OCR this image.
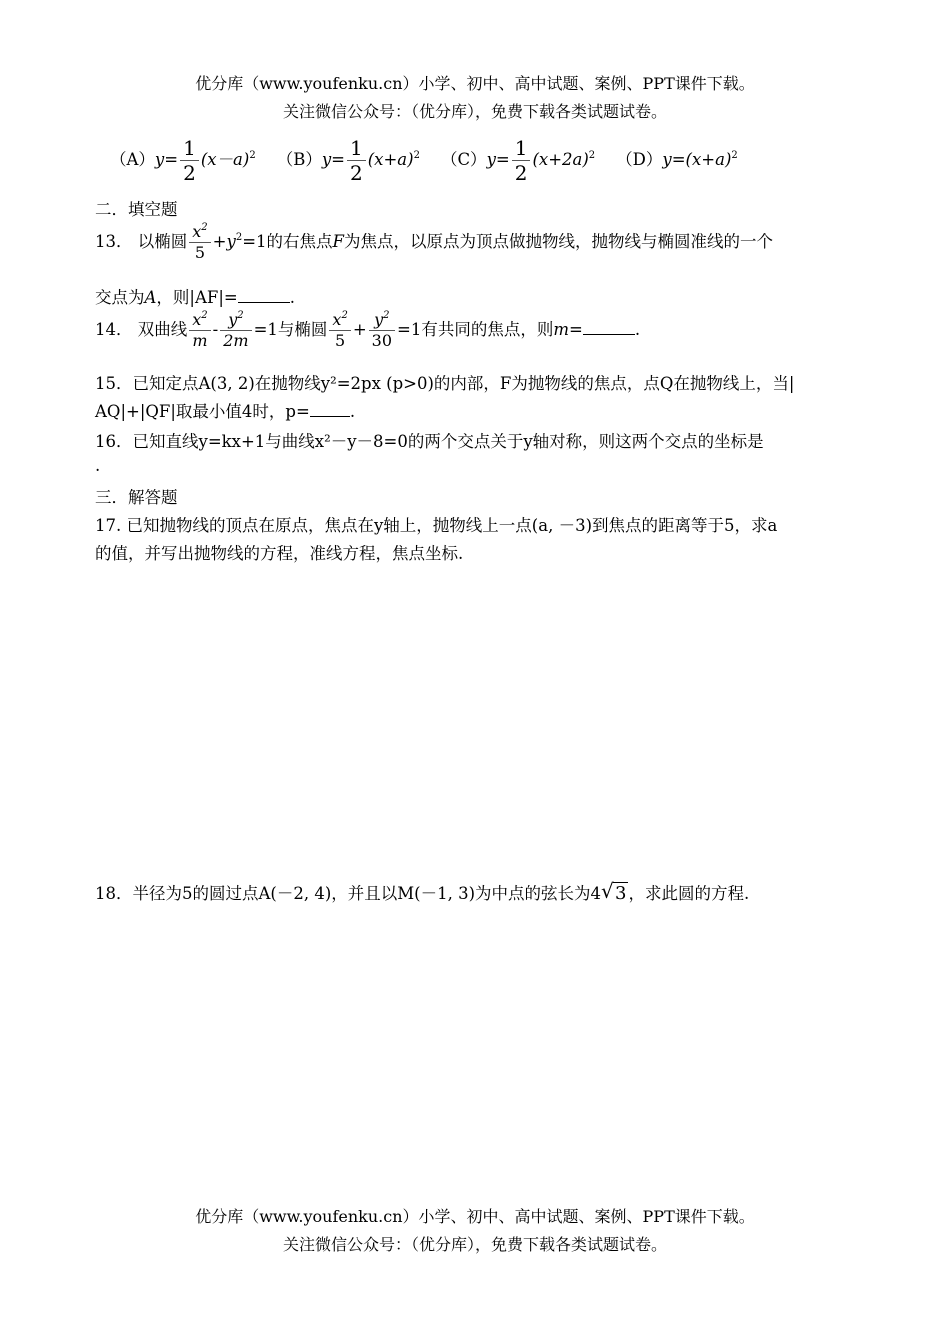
优分库（www.youfenku.cn）小学、初中、高中试题、案例、PPT课件下载。
关注微信公众号：（优分库），免费下载各类试题试卷。
$(A)y= \frac{1}{2} (x-a)^2$ $(B)y= \frac{1}{2} (x+a)^2$ $(C)y= \frac{1}{2} (x+2a)^2$ $(D)y=(x+a)^2$
二．填空题
13． 以椭圆 $\frac{x^2}{5} +y^2=1$的右焦点F为焦点，以原点为顶点做抛物线，抛物线与椭圆准线的一个
交点为A，则|AF|=	.
14． 双曲线 $\frac{x^2}{m} - \frac{y^2}{2m} =1$与椭圆 $\frac{x^2}{5} + \frac{y^2}{30} =1$有共同的焦点，则m=	.
15．已知定点A(3, 2)在抛物线y²=2px (p>0)的内部，F为抛物线的焦点，点Q在抛物线上，当|
AQ|+|QF|取最小值4时，p= .
16．已知直线y=kx+1与曲线x²－y－8=0的两个交点关于y轴对称，则这两个交点的坐标是
.
三．解答题
17. 已知抛物线的顶点在原点，焦点在y轴上，抛物线上一点(a, －3)到焦点的距离等于5，求a
的值，并写出抛物线的方程，准线方程，焦点坐标.
18．半径为5的圆过点A(－2, 4)，并且以M(－1, 3)为中点的弦长为4 √ 3 ，求此圆的方程.
优分库（www.youfenku.cn）小学、初中、高中试题、案例、PPT课件下载。
关注微信公众号：（优分库），免费下载各类试题试卷。
